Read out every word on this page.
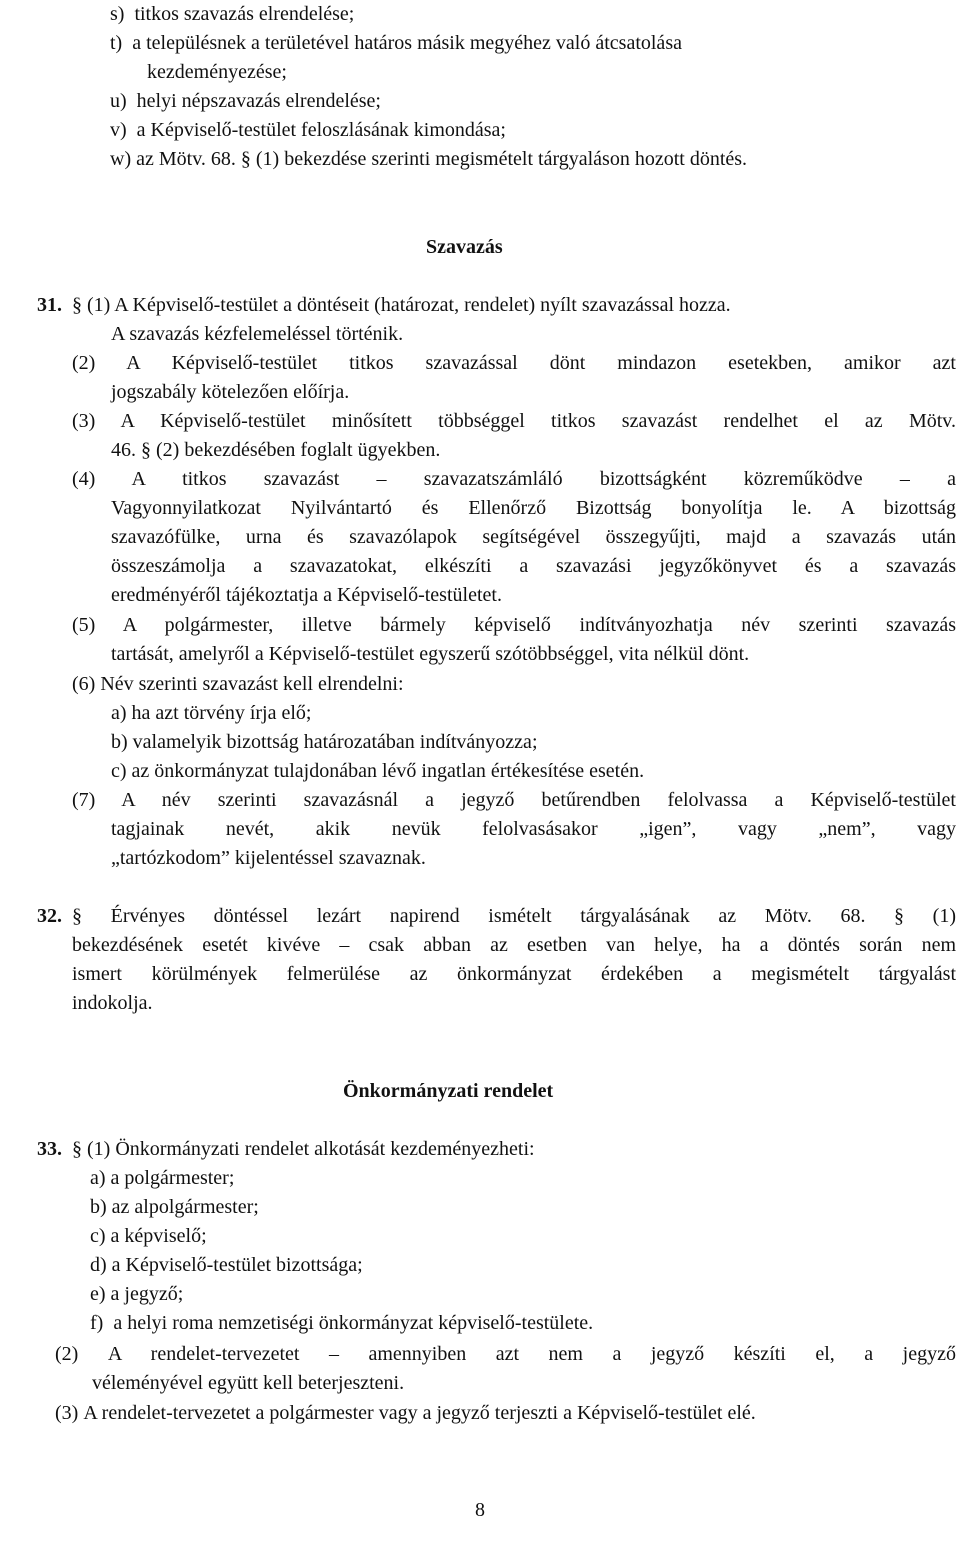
s)  titkos szavazás elrendelése;
t)  a településnek a területével határos másik megyéhez való átcsatolása
kezdeményezése;
u)  helyi népszavazás elrendelése;
v)  a Képviselő-testület feloszlásának kimondása;
w) az Mötv. 68. § (1) bekezdése szerinti megismételt tárgyaláson hozott döntés.
Szavazás
31. § (1) A Képviselő-testület a döntéseit (határozat, rendelet) nyílt szavazással hozza.
A szavazás kézfelemeléssel történik.
(2) A Képviselő-testület titkos szavazással dönt mindazon esetekben, amikor azt
jogszabály kötelezően előírja.
(3) A Képviselő-testület minősített többséggel titkos szavazást rendelhet el az Mötv.
46. § (2) bekezdésében foglalt ügyekben.
(4) A titkos szavazást – szavazatszámláló bizottságként közreműködve – a
Vagyonnyilatkozat Nyilvántartó és Ellenőrző Bizottság bonyolítja le. A bizottság
szavazófülke, urna és szavazólapok segítségével összegyűjti, majd a szavazás után
összeszámolja a szavazatokat, elkészíti a szavazási jegyzőkönyvet és a szavazás
eredményéről tájékoztatja a Képviselő-testületet.
(5) A polgármester, illetve bármely képviselő indítványozhatja név szerinti szavazás
tartását, amelyről a Képviselő-testület egyszerű szótöbbséggel, vita nélkül dönt.
(6) Név szerinti szavazást kell elrendelni:
a) ha azt törvény írja elő;
b) valamelyik bizottság határozatában indítványozza;
c) az önkormányzat tulajdonában lévő ingatlan értékesítése esetén.
(7) A név szerinti szavazásnál a jegyző betűrendben felolvassa a Képviselő-testület
tagjainak nevét, akik nevük felolvasásakor „igen”, vagy „nem”, vagy
„tartózkodom” kijelentéssel szavaznak.
32. § Érvényes döntéssel lezárt napirend ismételt tárgyalásának az Mötv. 68. § (1)
bekezdésének esetét kivéve – csak abban az esetben van helye, ha a döntés során nem
ismert körülmények felmerülése az önkormányzat érdekében a megismételt tárgyalást
indokolja.
Önkormányzati rendelet
33. § (1) Önkormányzati rendelet alkotását kezdeményezheti:
a) a polgármester;
b) az alpolgármester;
c) a képviselő;
d) a Képviselő-testület bizottsága;
e) a jegyző;
f)  a helyi roma nemzetiségi önkormányzat képviselő-testülete.
(2) A rendelet-tervezetet – amennyiben azt nem a jegyző készíti el, a jegyző
véleményével együtt kell beterjeszteni.
(3) A rendelet-tervezetet a polgármester vagy a jegyző terjeszti a Képviselő-testület elé.
8
